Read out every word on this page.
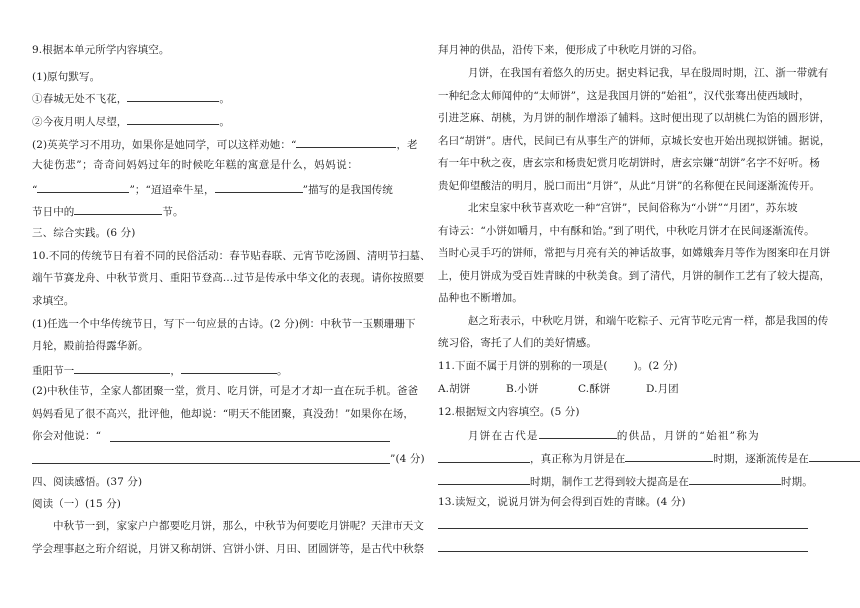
9.根据本单元所学内容填空。
(1)原句默写。
①春城无处不飞花，	。
②今夜月明人尽望，	。
(2)英英学习不用功，如果你是她同学，可以这样劝她：“	，老
大徒伤悲”；奇奇问妈妈过年的时候吃年糕的寓意是什么，妈妈说：
“	”；“迢迢牵牛星，	”描写的是我国传统
节日中的	节。
三、综合实践。(6 分)
10.不同的传统节日有着不同的民俗活动：春节贴春联、元宵节吃汤圆、清明节扫墓、
端午节赛龙舟、中秋节赏月、重阳节登高…过节是传承中华文化的表现。请你按照要
求填空。
(1)任选一个中华传统节日，写下一句应景的古诗。(2 分)例：中秋节一玉颗珊珊下
月轮，殿前拾得露华新。
重阳节一	，	。
(2)中秋佳节，全家人都团聚一堂，赏月、吃月饼，可是才才却一直在玩手机。爸爸
妈妈看见了很不高兴，批评他，他却说：“明天不能团聚，真没劲！”如果你在场，
你会对他说：“
”(4 分)
四、阅读感悟。(37 分)
阅读（一）(15 分)
中秋节一到，家家户户都要吃月饼，那么，中秋节为何要吃月饼呢？天津市天文
学会理事赵之珩介绍说，月饼又称胡饼、宫饼小饼、月田、团圆饼等，是古代中秋祭
拜月神的供品，沿传下来，便形成了中秋吃月饼的习俗。
月饼，在我国有着悠久的历史。据史料记我，早在殷周时期，江、浙一带就有
一种纪念太师闻仲的“太师饼”，这是我国月饼的”始祖”，汉代张骞出使西域时，
引进芝麻、胡桃，为月饼的制作增添了辅料。这时便出现了以胡桃仁为馅的圆形饼，
名曰“胡饼”。唐代，民间已有从事生产的饼师，京城长安也开始出现拟饼铺。据说，
有一年中秋之夜，唐玄宗和杨贵妃赏月吃胡饼时，唐玄宗嫌“胡饼”名字不好听。杨
贵妃仰望酸洁的明月，脱口而出“月饼”，从此“月饼”的名称便在民间逐渐流传开。
北宋皇家中秋节喜欢吃一种“宫饼”，民间俗称为“小饼”“月团”，苏东坡
有诗云：“小饼如嚼月，中有酥和饴。”到了明代，中秋吃月饼才在民间逐渐流传。
当时心灵手巧的饼师，常把与月亮有关的神话故事，如嫦娥奔月等作为图案印在月饼
上，使月饼成为受百姓青睐的中秋美食。到了清代，月饼的制作工艺有了较大提高，
品种也不断增加。
赵之珩表示，中秋吃月饼，和端午吃粽子、元宵节吃元宵一样，都是我国的传
统习俗，寄托了人们的美好情感。
11.下面不属于月饼的别称的一项是( )。(2 分)
A.胡饼	B.小饼	C.酥饼	D.月团
12.根据短文内容填空。(5 分)
月饼在古代是	的供品，月饼的“始祖”称为
，真正称为月饼是在	时期，逐渐流传是在
时期，制作工艺得到较大提高是在	时期。
13.读短文，说说月饼为何会得到百姓的青睐。(4 分)
